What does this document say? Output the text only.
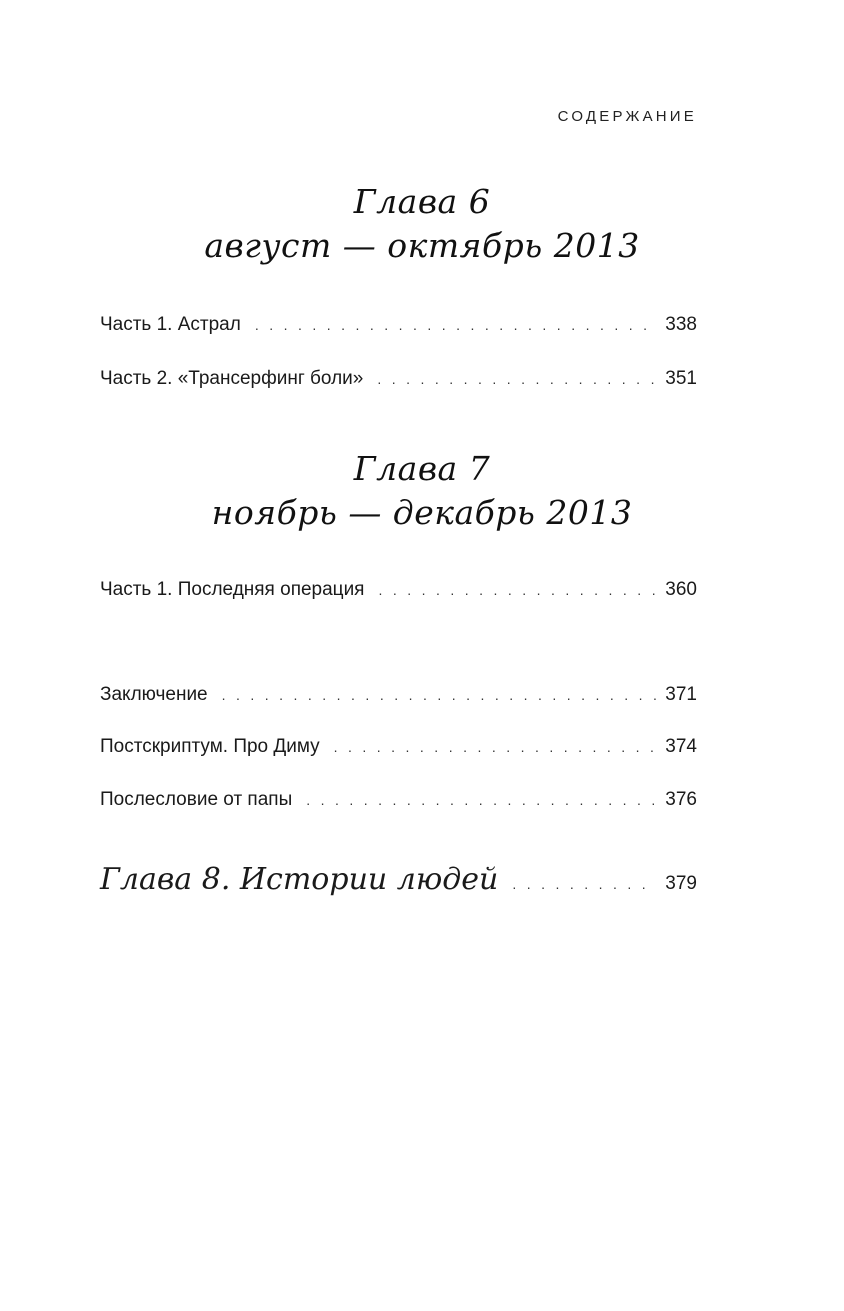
СОДЕРЖАНИЕ
Глава 6
август — октябрь 2013
Часть 1. Астрал . . .	338
Часть 2. «Трансерфинг боли» . . .	351
Глава 7
ноябрь — декабрь 2013
Часть 1. Последняя операция . . .	360
Заключение . . .	371
Постскриптум. Про Диму . . .	374
Послесловие от папы . . .	376
Глава 8. Истории людей . . .	379
